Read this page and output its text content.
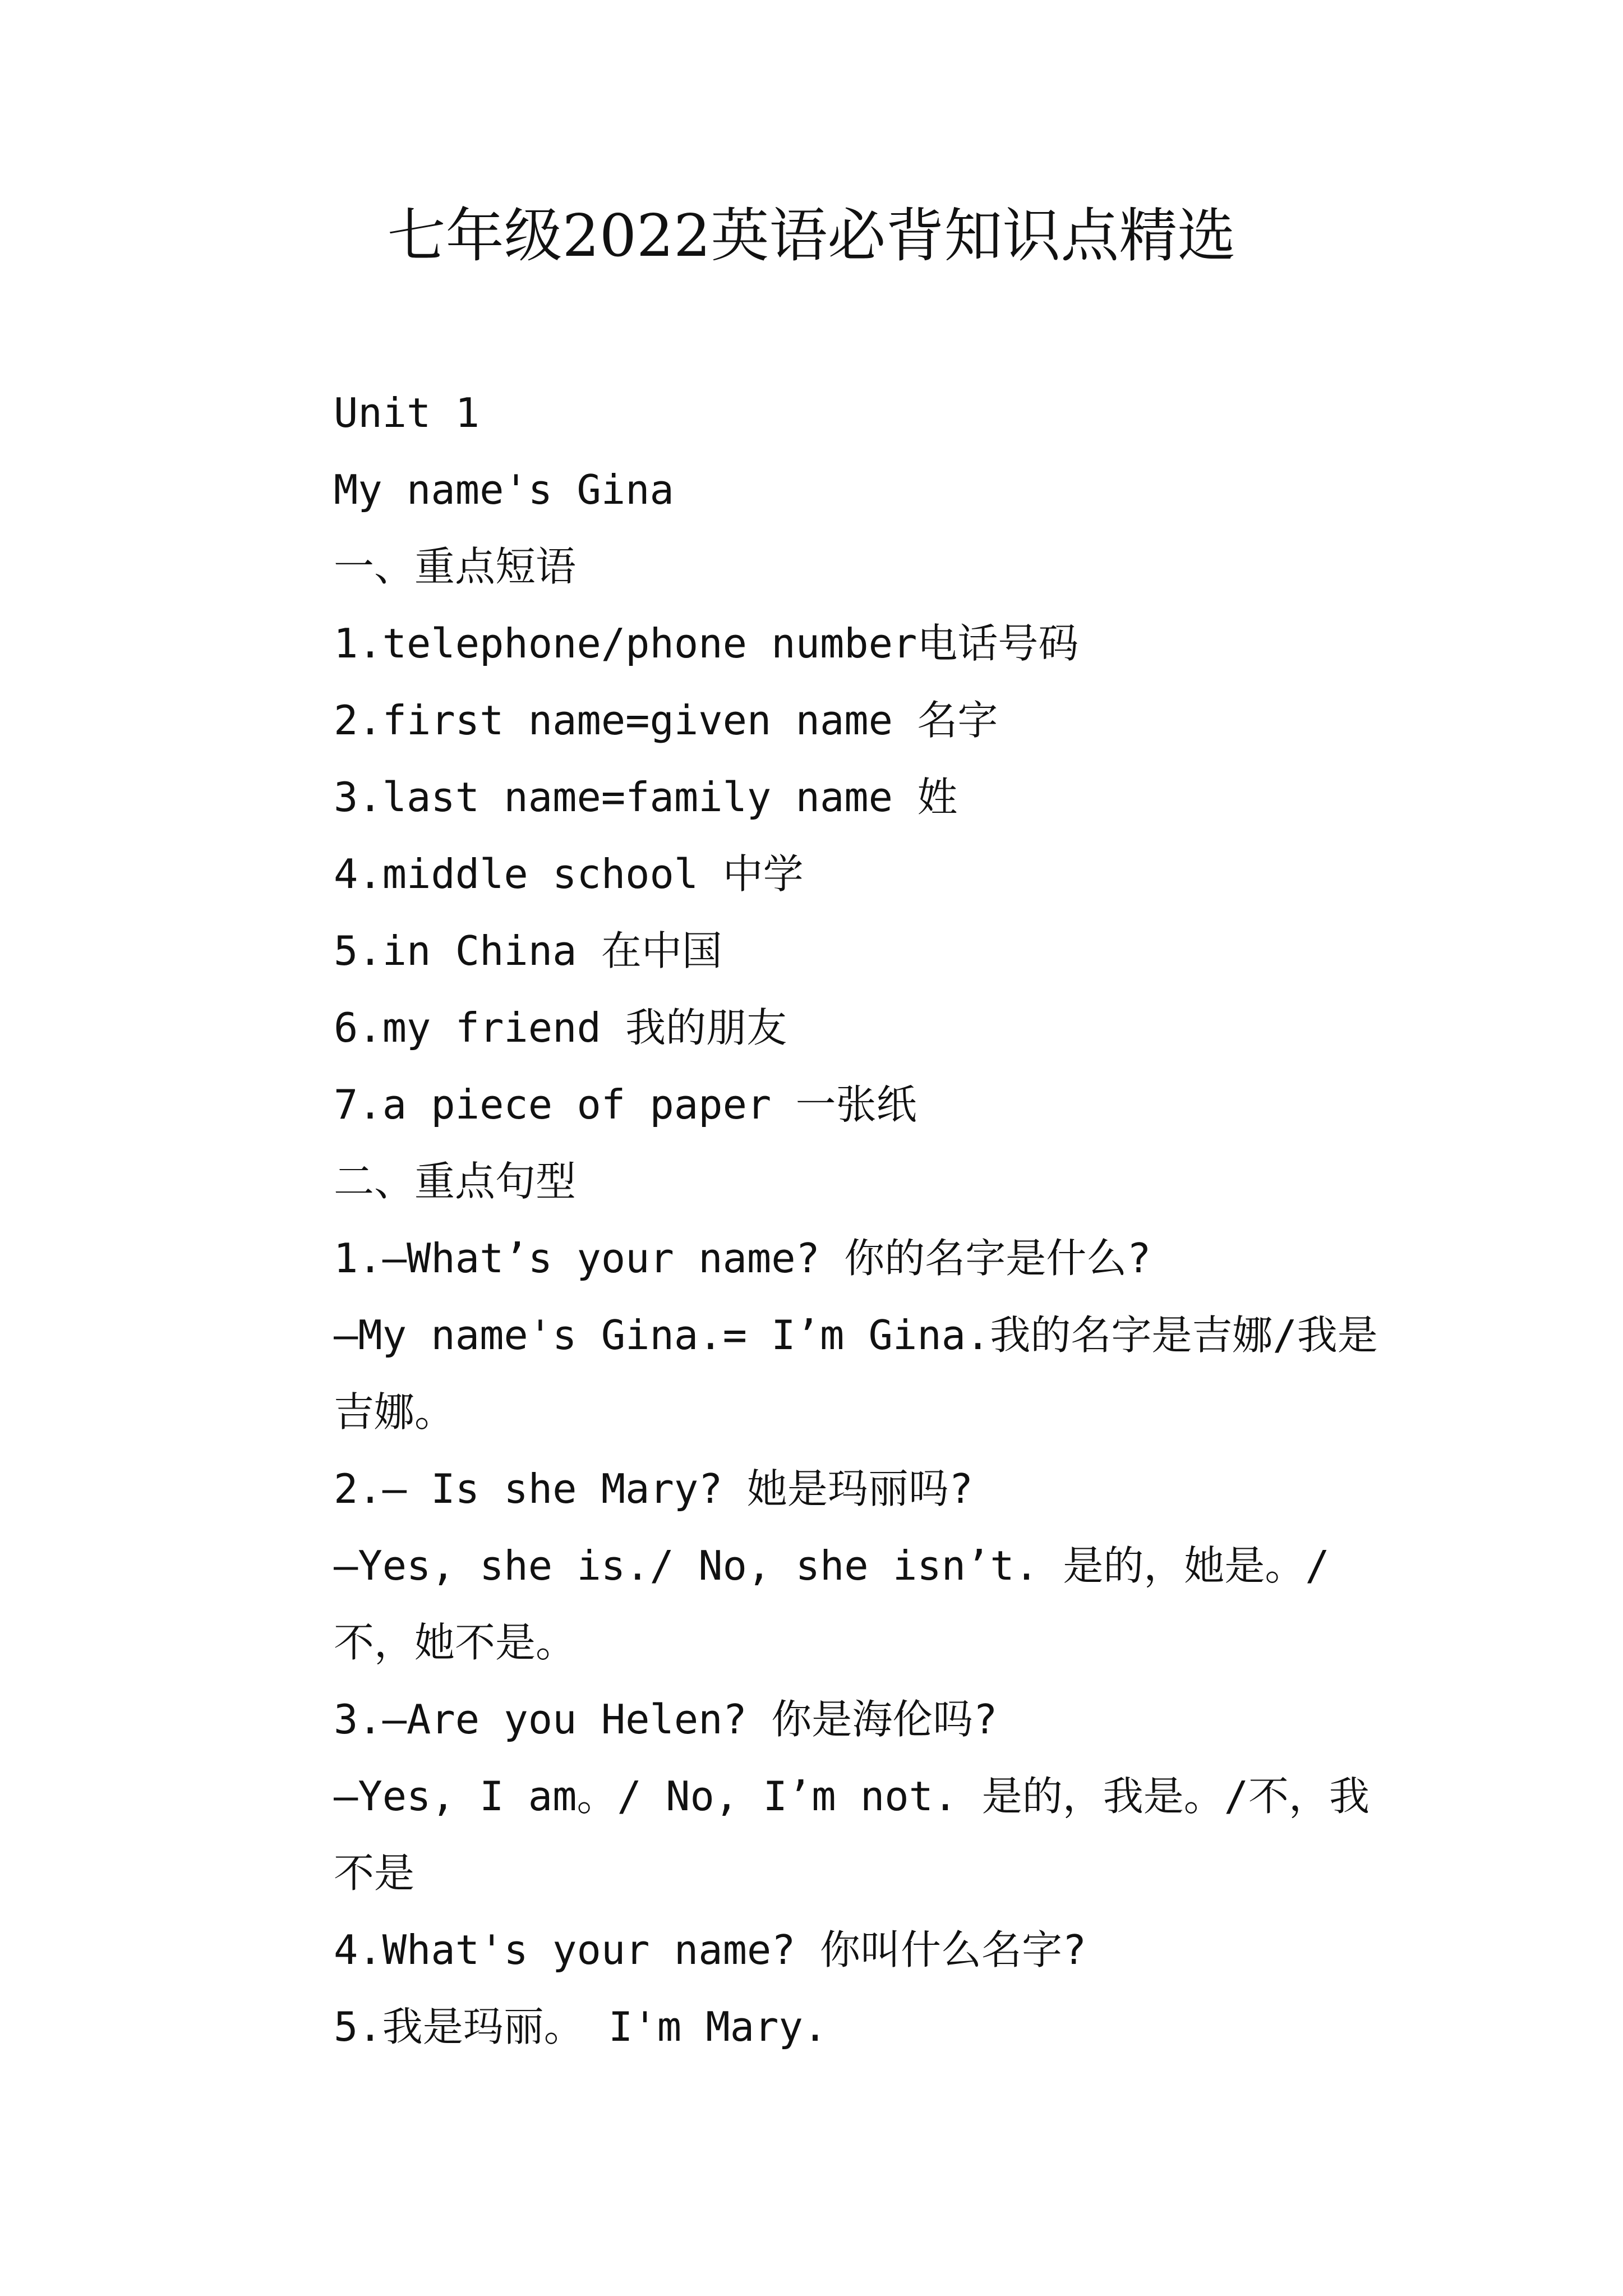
七年级2022英语必背知识点精选

Unit 1

My name's Gina

一、重点短语

1.telephone/phone number电话号码

2.first name=given name 名字

3.last name=family name 姓

4.middle school 中学

5.in China 在中国

6.my friend 我的朋友

7.a piece of paper 一张纸

二、重点句型

1.—What’s your name? 你的名字是什么?

—My name's Gina.= I’m Gina.我的名字是吉娜/我是吉娜。

2.— Is she Mary? 她是玛丽吗?

—Yes, she is./ No, she isn’t. 是的，她是。/不，她不是。

3.—Are you Helen? 你是海伦吗?

—Yes, I am。/ No, I’m not. 是的，我是。/不，我不是

4.What's your name? 你叫什么名字?

5.我是玛丽。 I'm Mary.
